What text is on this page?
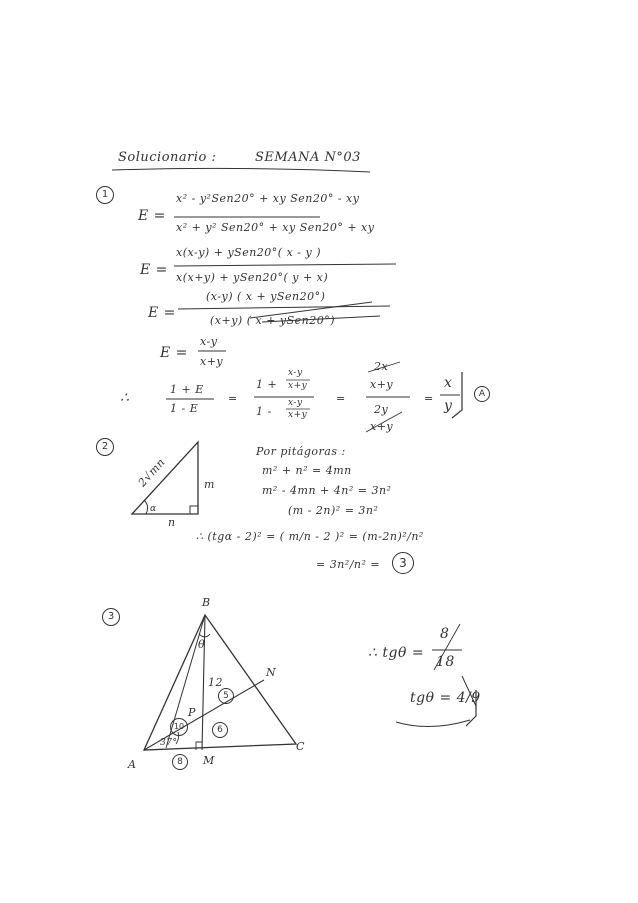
Solucionario :	SEMANA N°03
1
E =
x² - y²Sen20° + xy Sen20° - xy
x² + y² Sen20° + xy Sen20° + xy
E =
x(x-y) + ySen20°( x - y )
x(x+y) + ySen20°( y + x)
E =
(x-y) ( x + ySen20°)
(x+y) ( x + ySen20°)
E =
x-y
x+y
∴
1 + E
1 - E
=
1 +
x-y
x+y
1 -
x-y
x+y
=
2x
x+y
2y
x+y
=
x
y
A
2
2√mn	m
n
α
Por pitágoras :
m² + n² = 4mn
m² - 4mn + 4n² = 3n²
(m - 2n)² = 3n²
∴ (tgα - 2)² = ( m/n - 2 )² = (m-2n)²/n²
= 3n²/n² =	3
3
B
A
C
M
N
P
θ
12
5
10	6
8
37°
∴ tgθ =
8
18
tgθ = 4/9
